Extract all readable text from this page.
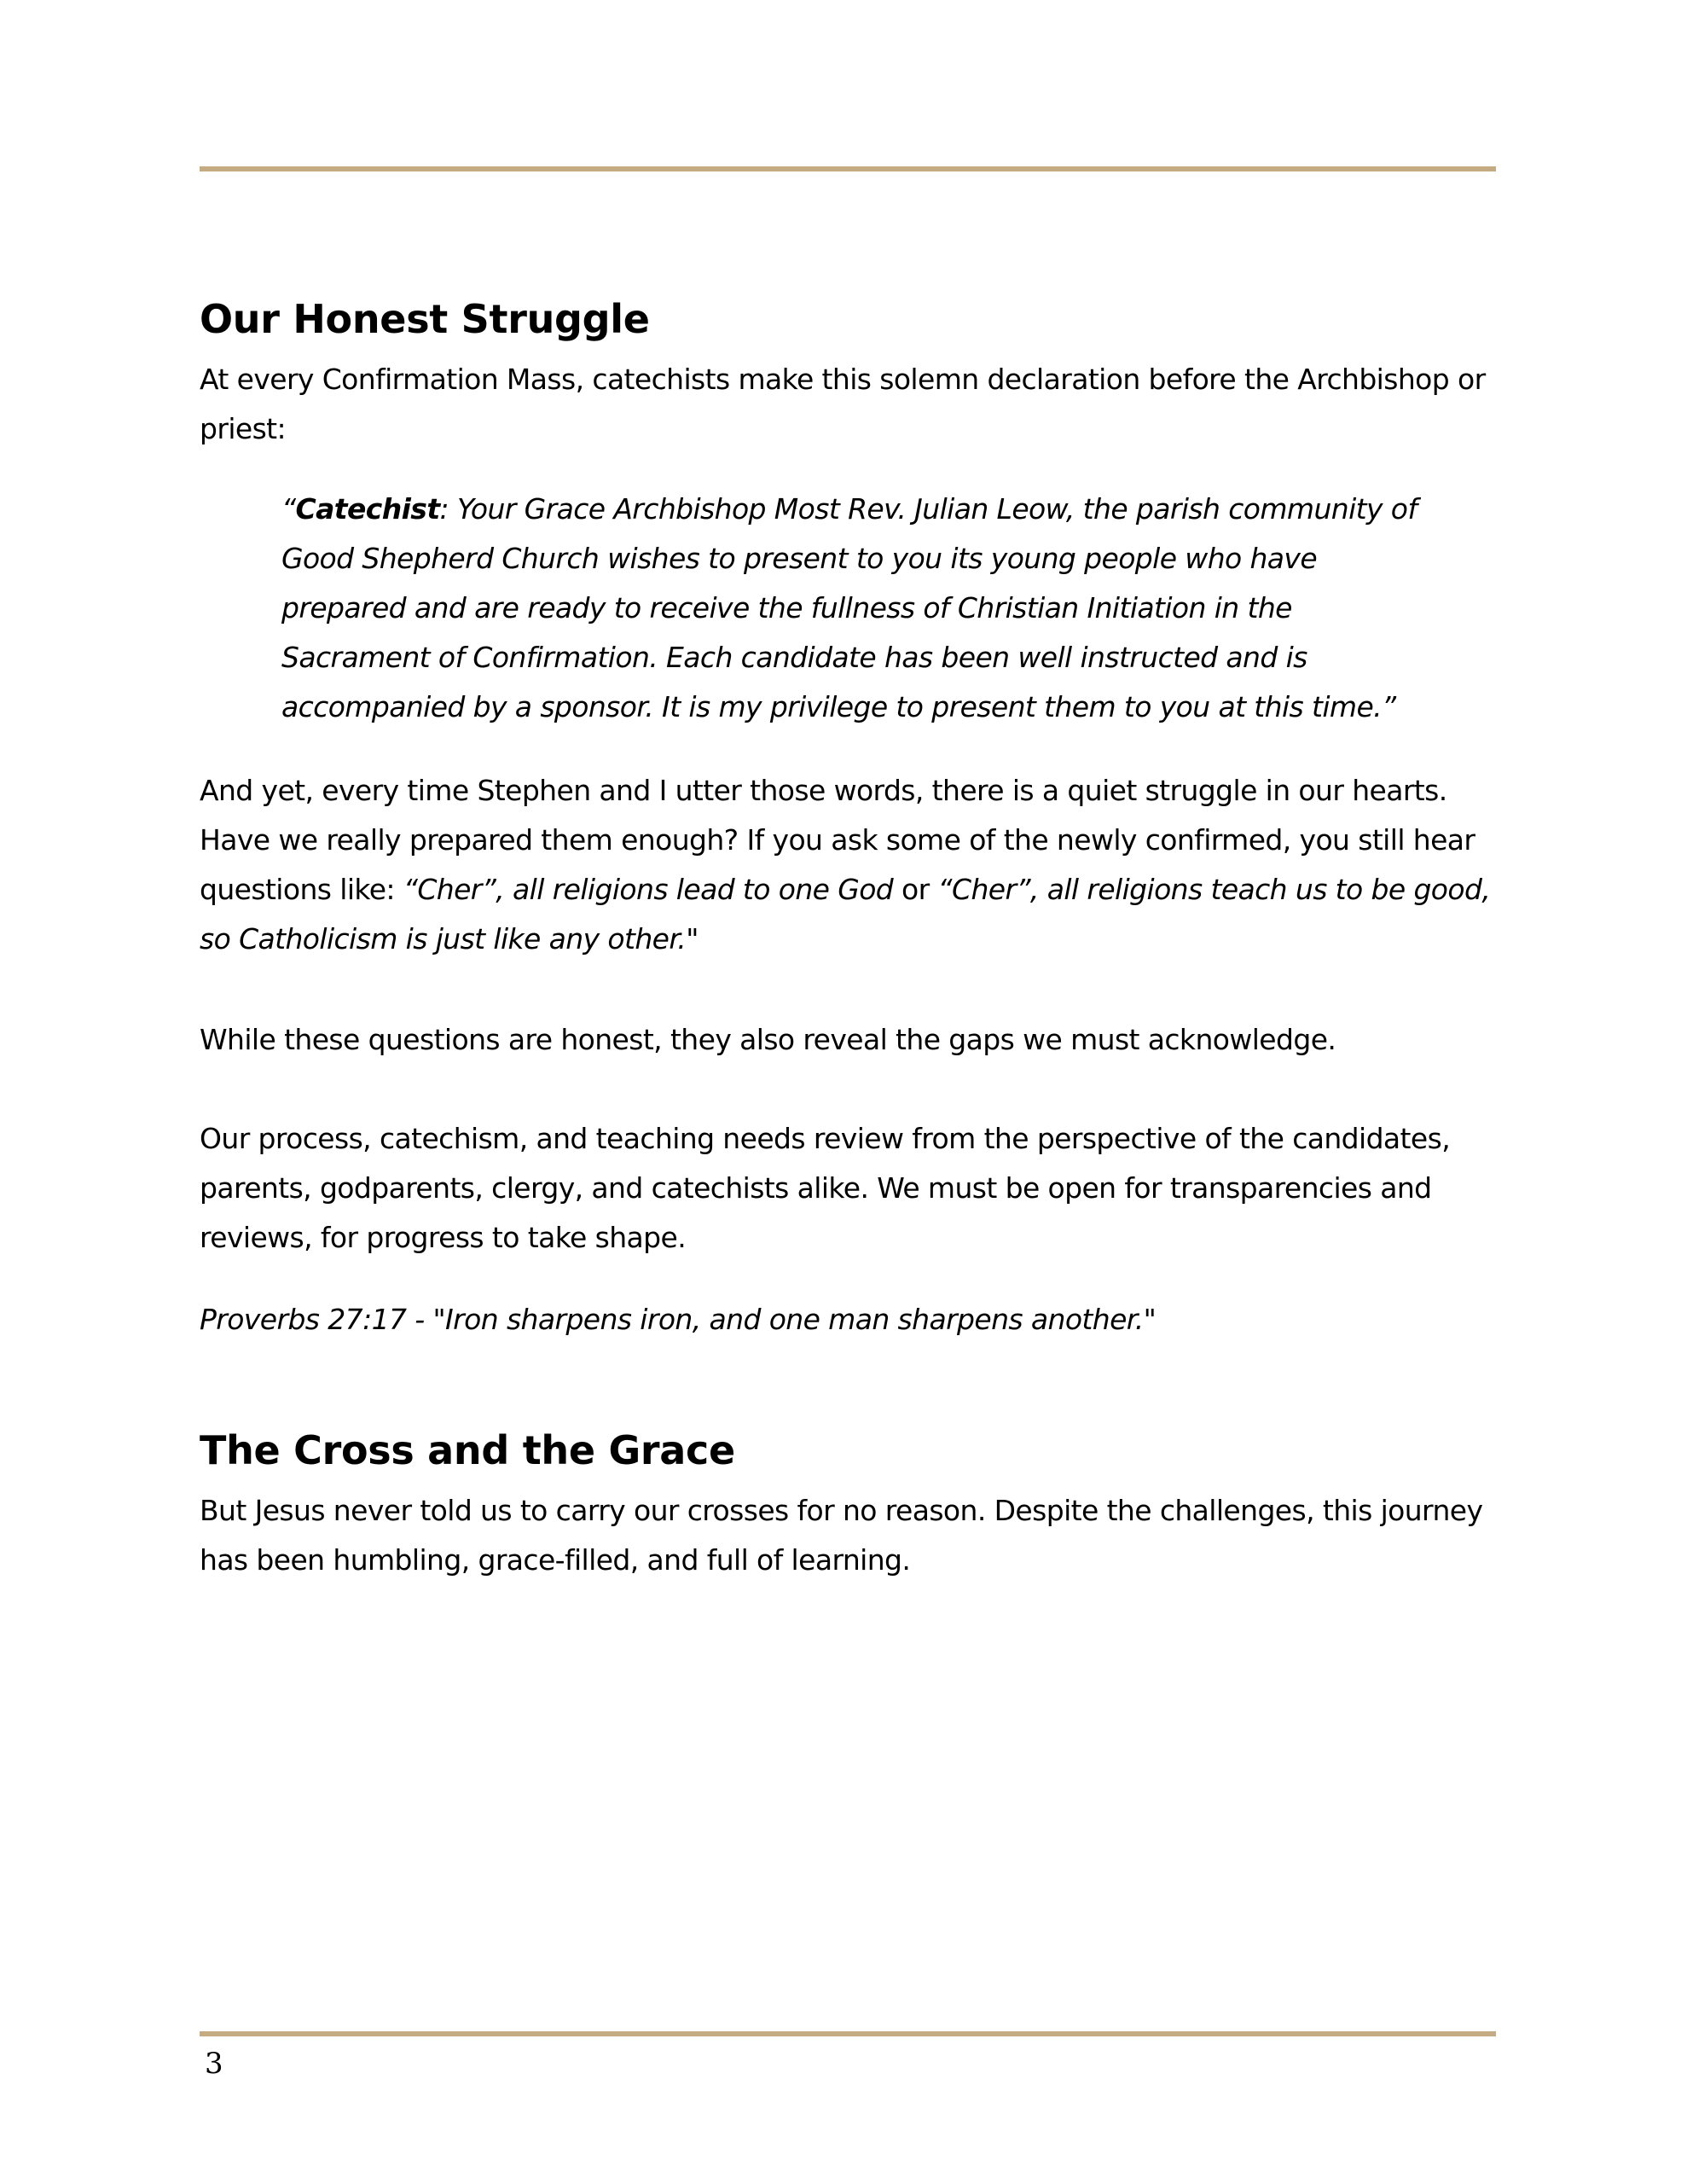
Our Honest Struggle

At every Confirmation Mass, catechists make this solemn declaration before the Archbishop or priest:

“Catechist: Your Grace Archbishop Most Rev. Julian Leow, the parish community of Good Shepherd Church wishes to present to you its young people who have prepared and are ready to receive the fullness of Christian Initiation in the Sacrament of Confirmation. Each candidate has been well instructed and is accompanied by a sponsor. It is my privilege to present them to you at this time.”

And yet, every time Stephen and I utter those words, there is a quiet struggle in our hearts. Have we really prepared them enough? If you ask some of the newly confirmed, you still hear questions like: “Cher”, all religions lead to one God or “Cher”, all religions teach us to be good, so Catholicism is just like any other."

While these questions are honest, they also reveal the gaps we must acknowledge.

Our process, catechism, and teaching needs review from the perspective of the candidates, parents, godparents, clergy, and catechists alike. We must be open for transparencies and reviews, for progress to take shape.

Proverbs 27:17 - "Iron sharpens iron, and one man sharpens another."

The Cross and the Grace

But Jesus never told us to carry our crosses for no reason. Despite the challenges, this journey has been humbling, grace-filled, and full of learning.

3
